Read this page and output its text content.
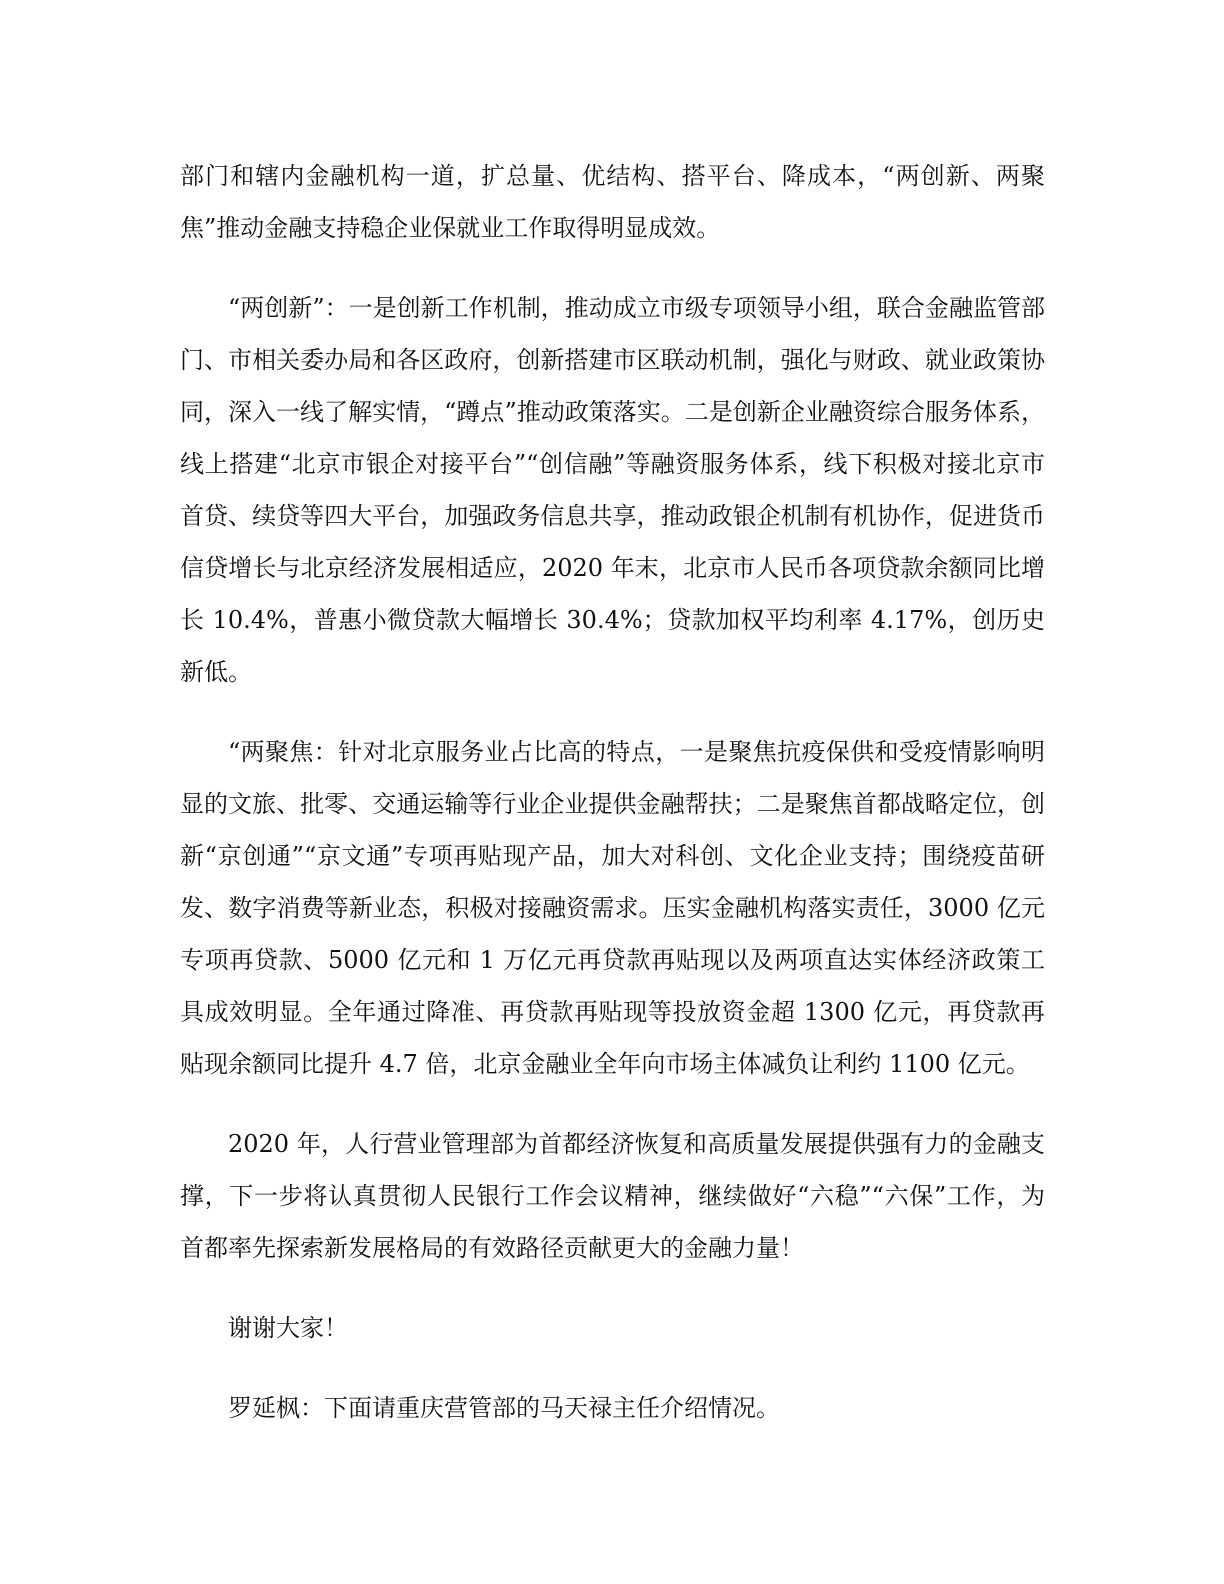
部门和辖内金融机构一道，扩总量、优结构、搭平台、降成本，“两创新、两聚焦”推动金融支持稳企业保就业工作取得明显成效。

“两创新”：一是创新工作机制，推动成立市级专项领导小组，联合金融监管部门、市相关委办局和各区政府，创新搭建市区联动机制，强化与财政、就业政策协同，深入一线了解实情，“蹲点”推动政策落实。二是创新企业融资综合服务体系，线上搭建“北京市银企对接平台”“创信融”等融资服务体系，线下积极对接北京市首贷、续贷等四大平台，加强政务信息共享，推动政银企机制有机协作，促进货币信贷增长与北京经济发展相适应，2020 年末，北京市人民币各项贷款余额同比增长 10.4%，普惠小微贷款大幅增长 30.4%；贷款加权平均利率 4.17%，创历史新低。

“两聚焦：针对北京服务业占比高的特点，一是聚焦抗疫保供和受疫情影响明显的文旅、批零、交通运输等行业企业提供金融帮扶；二是聚焦首都战略定位，创新“京创通”“京文通”专项再贴现产品，加大对科创、文化企业支持；围绕疫苗研发、数字消费等新业态，积极对接融资需求。压实金融机构落实责任，3000 亿元专项再贷款、5000 亿元和 1 万亿元再贷款再贴现以及两项直达实体经济政策工具成效明显。全年通过降准、再贷款再贴现等投放资金超 1300 亿元，再贷款再贴现余额同比提升 4.7 倍，北京金融业全年向市场主体减负让利约 1100 亿元。

2020 年，人行营业管理部为首都经济恢复和高质量发展提供强有力的金融支撑，下一步将认真贯彻人民银行工作会议精神，继续做好“六稳”“六保”工作，为首都率先探索新发展格局的有效路径贡献更大的金融力量！

谢谢大家！

罗延枫：下面请重庆营管部的马天禄主任介绍情况。
